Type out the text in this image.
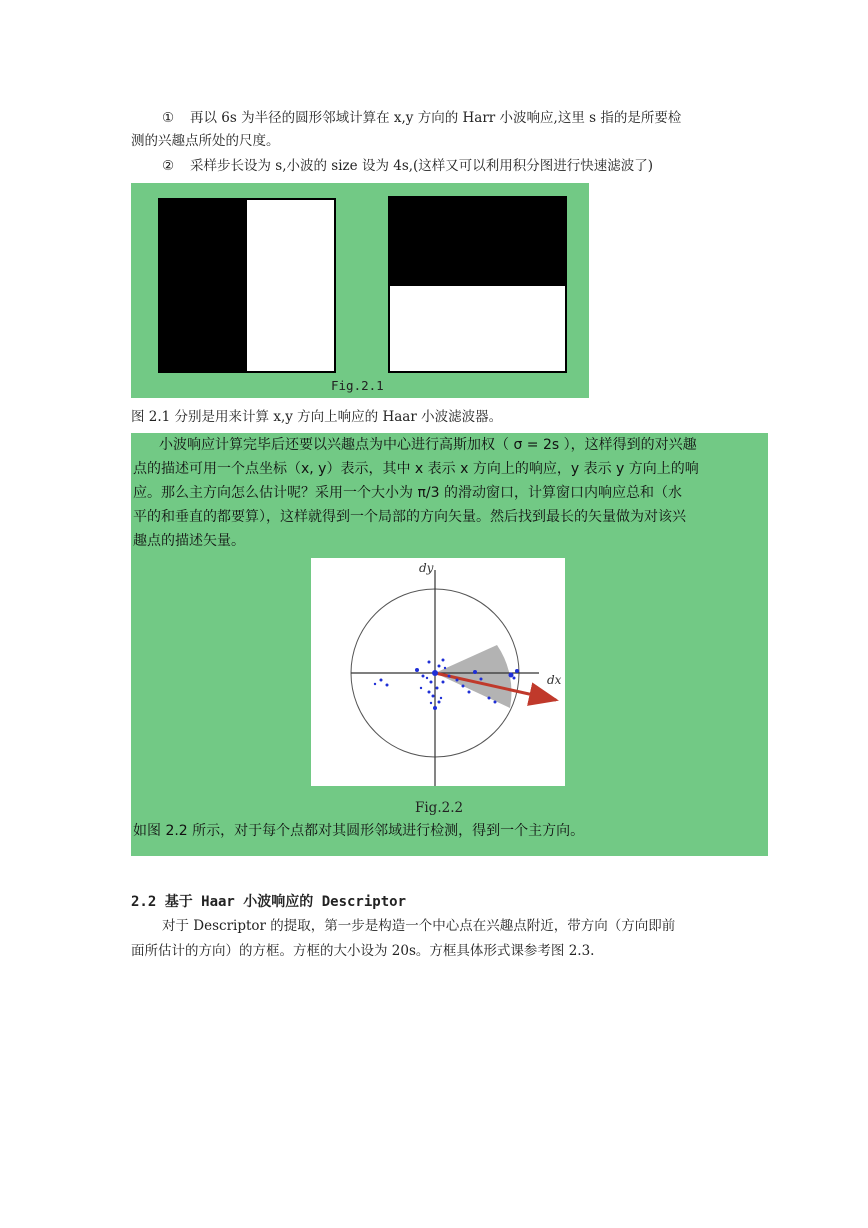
① 再以 6s 为半径的圆形邻域计算在 x,y 方向的 Harr 小波响应,这里 s 指的是所要检
测的兴趣点所处的尺度。
② 采样步长设为 s,小波的 size 设为 4s,(这样又可以利用积分图进行快速滤波了)
Fig.2.1
图 2.1 分别是用来计算 x,y 方向上响应的 Haar 小波滤波器。
小波响应计算完毕后还要以兴趣点为中心进行高斯加权（ σ = 2s ），这样得到的对兴趣
点的描述可用一个点坐标（x, y）表示，其中 x 表示 x 方向上的响应，y 表示 y 方向上的响
应。那么主方向怎么估计呢？采用一个大小为 π/3 的滑动窗口，计算窗口内响应总和（水
平的和垂直的都要算），这样就得到一个局部的方向矢量。然后找到最长的矢量做为对该兴
趣点的描述矢量。
dy
dx
Fig.2.2
如图 2.2 所示，对于每个点都对其圆形邻域进行检测，得到一个主方向。
2.2 基于 Haar 小波响应的 Descriptor
对于 Descriptor 的提取，第一步是构造一个中心点在兴趣点附近，带方向（方向即前
面所估计的方向）的方框。方框的大小设为 20s。方框具体形式课参考图 2.3.
